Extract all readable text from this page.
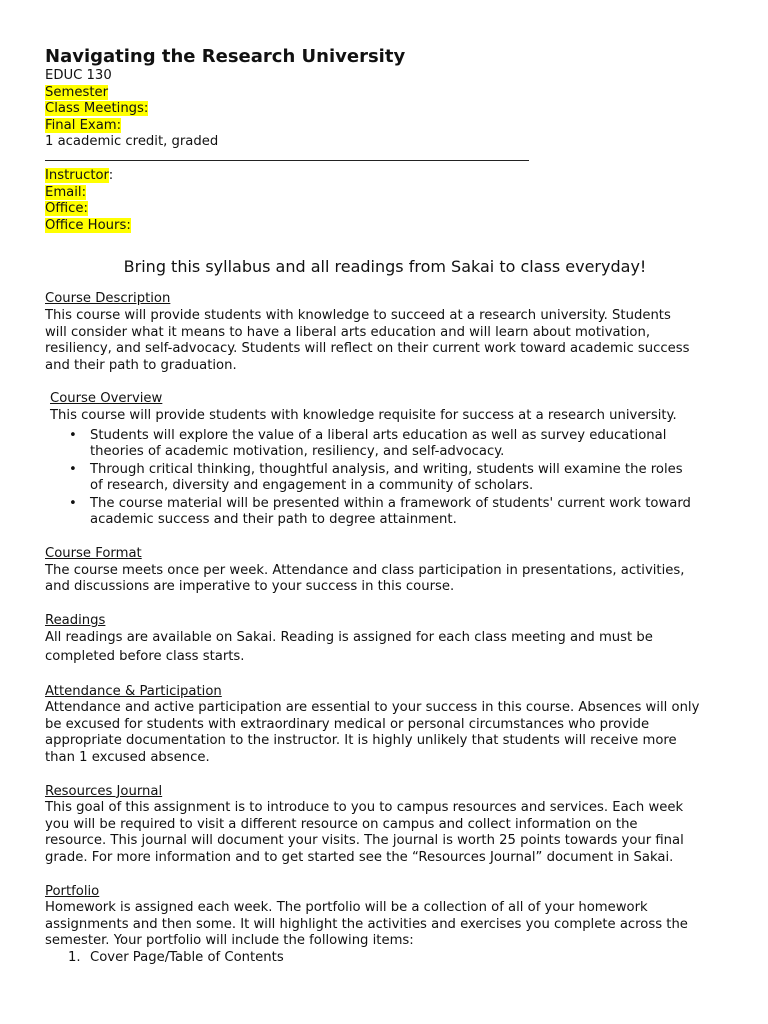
Navigating the Research University
EDUC 130
Semester
Class Meetings:
Final Exam:
1 academic credit, graded
Instructor:
Email:
Office:
Office Hours:

Bring this syllabus and all readings from Sakai to class everyday!

Course Description
This course will provide students with knowledge to succeed at a research university. Students
will consider what it means to have a liberal arts education and will learn about motivation,
resiliency, and self-advocacy. Students will reflect on their current work toward academic success
and their path to graduation.
Course Overview
This course will provide students with knowledge requisite for success at a research university.
• Students will explore the value of a liberal arts education as well as survey educational
theories of academic motivation, resiliency, and self-advocacy.
• Through critical thinking, thoughtful analysis, and writing, students will examine the roles
of research, diversity and engagement in a community of scholars.
• The course material will be presented within a framework of students' current work toward
academic success and their path to degree attainment.
Course Format
The course meets once per week. Attendance and class participation in presentations, activities,
and discussions are imperative to your success in this course.
Readings
All readings are available on Sakai. Reading is assigned for each class meeting and must be
completed before class starts.
Attendance & Participation
Attendance and active participation are essential to your success in this course. Absences will only
be excused for students with extraordinary medical or personal circumstances who provide
appropriate documentation to the instructor. It is highly unlikely that students will receive more
than 1 excused absence.
Resources Journal
This goal of this assignment is to introduce to you to campus resources and services. Each week
you will be required to visit a different resource on campus and collect information on the
resource. This journal will document your visits. The journal is worth 25 points towards your final
grade. For more information and to get started see the “Resources Journal” document in Sakai.
Portfolio
Homework is assigned each week. The portfolio will be a collection of all of your homework
assignments and then some. It will highlight the activities and exercises you complete across the
semester. Your portfolio will include the following items:
1. Cover Page/Table of Contents
